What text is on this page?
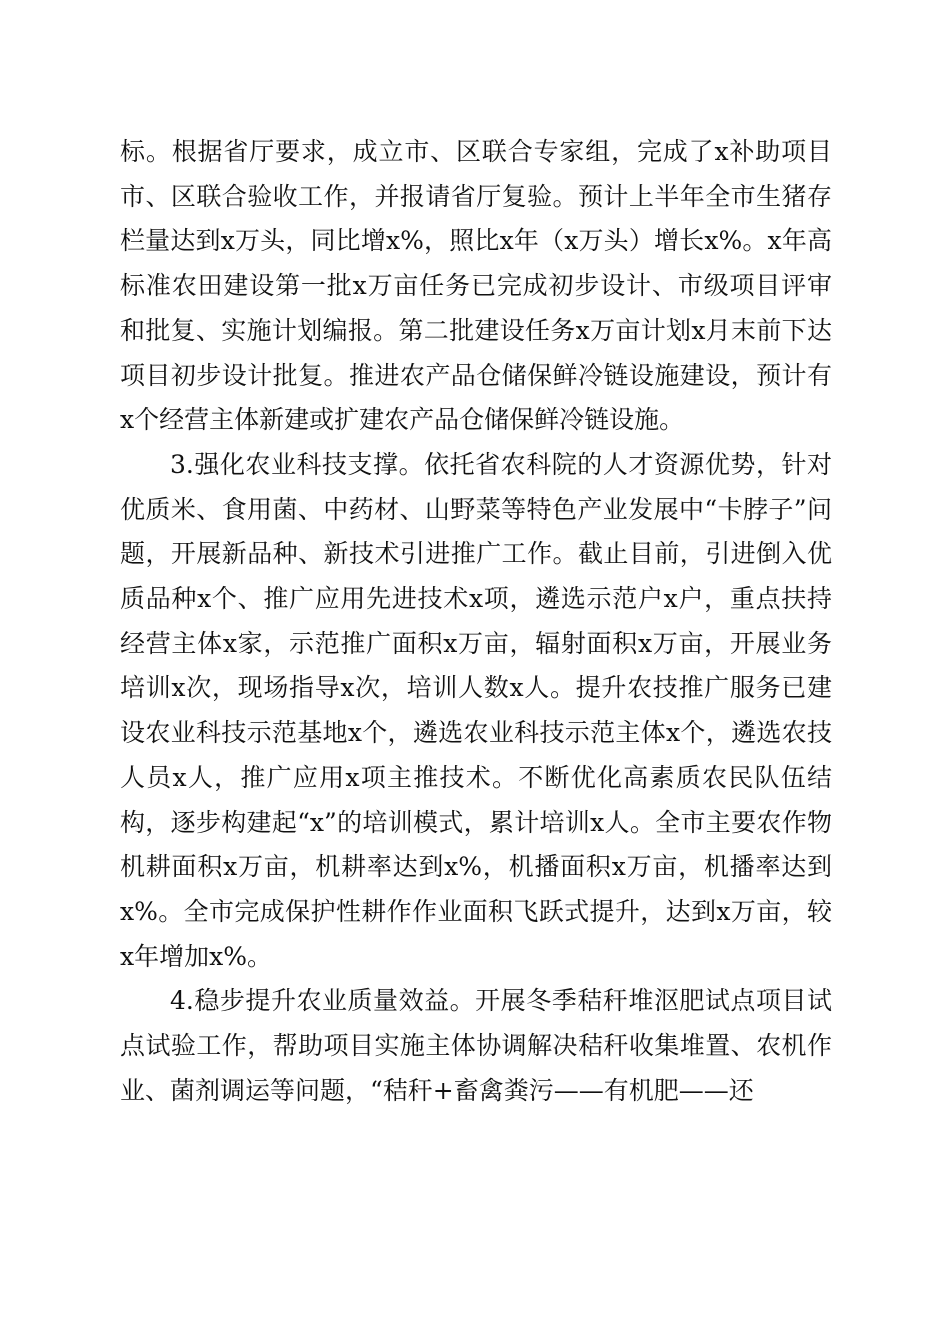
标。根据省厅要求，成立市、区联合专家组，完成了x补助项目市、区联合验收工作，并报请省厅复验。预计上半年全市生猪存栏量达到x万头，同比增x%，照比x年（x万头）增长x%。x年高标准农田建设第一批x万亩任务已完成初步设计、市级项目评审和批复、实施计划编报。第二批建设任务x万亩计划x月末前下达项目初步设计批复。推进农产品仓储保鲜冷链设施建设，预计有x个经营主体新建或扩建农产品仓储保鲜冷链设施。

3.强化农业科技支撑。依托省农科院的人才资源优势，针对优质米、食用菌、中药材、山野菜等特色产业发展中“卡脖子”问题，开展新品种、新技术引进推广工作。截止目前，引进倒入优质品种x个、推广应用先进技术x项，遴选示范户x户，重点扶持经营主体x家，示范推广面积x万亩，辐射面积x万亩，开展业务培训x次，现场指导x次，培训人数x人。提升农技推广服务已建设农业科技示范基地x个，遴选农业科技示范主体x个，遴选农技人员x人，推广应用x项主推技术。不断优化高素质农民队伍结构，逐步构建起“x”的培训模式，累计培训x人。全市主要农作物机耕面积x万亩，机耕率达到x%，机播面积x万亩，机播率达到x%。全市完成保护性耕作作业面积飞跃式提升，达到x万亩，较x年增加x%。

4.稳步提升农业质量效益。开展冬季秸秆堆沤肥试点项目试点试验工作，帮助项目实施主体协调解决秸秆收集堆置、农机作业、菌剂调运等问题，“秸秆+畜禽粪污——有机肥——还
